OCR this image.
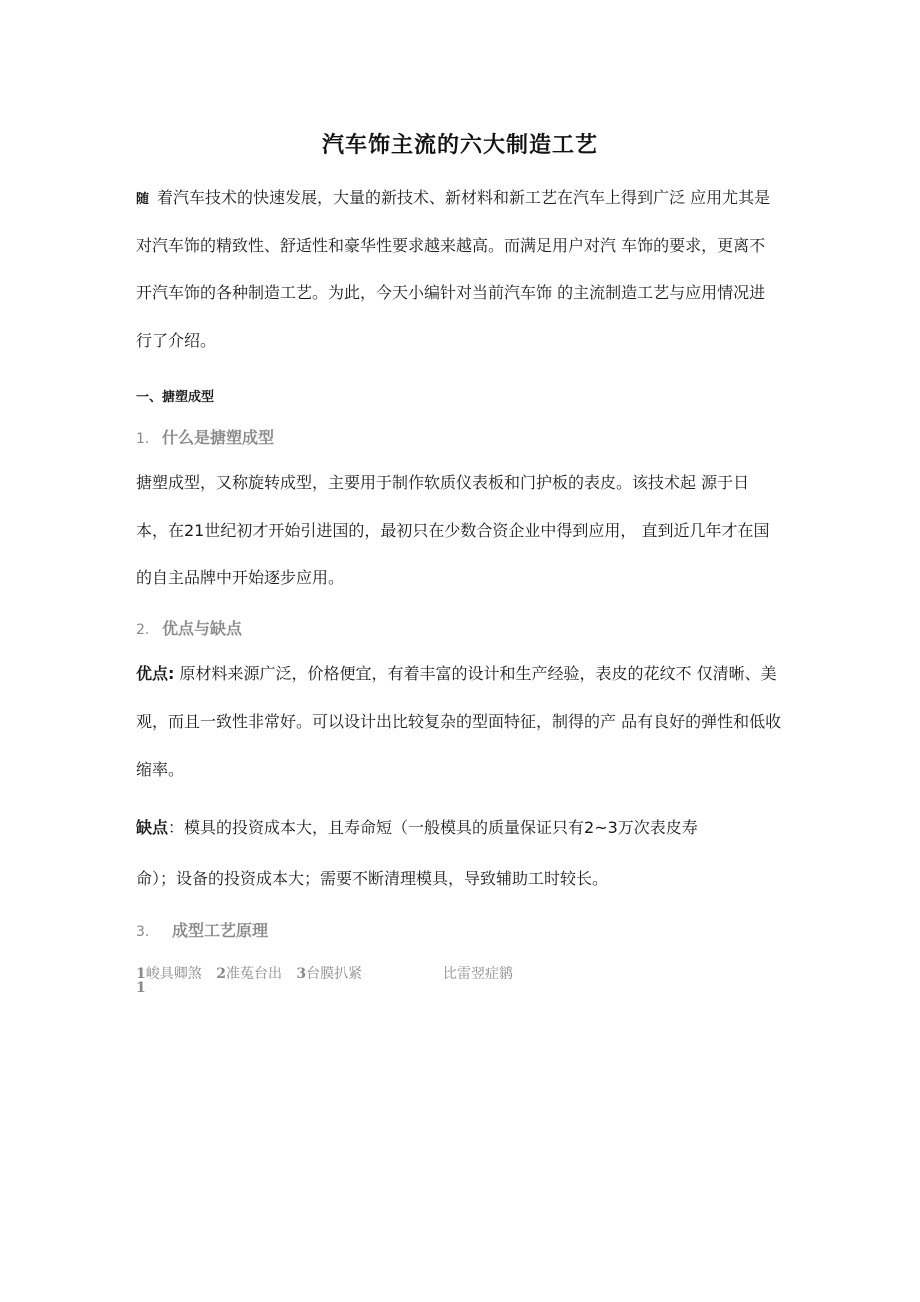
汽车饰主流的六大制造工艺
随 着汽车技术的快速发展，大量的新技术、新材料和新工艺在汽车上得到广泛 应用尤其是
对汽车饰的精致性、舒适性和豪华性要求越来越高。而满足用户对汽 车饰的要求，更离不
开汽车饰的各种制造工艺。为此，今天小编针对当前汽车饰 的主流制造工艺与应用情况进
行了介绍。
一、搪塑成型
1. 什么是搪塑成型
搪塑成型，又称旋转成型，主要用于制作软质仪表板和门护板的表皮。该技术起 源于日
本，在21世纪初才开始引进国的，最初只在少数合资企业中得到应用， 直到近几年才在国
的自主品牌中开始逐步应用。
2. 优点与缺点
优点: 原材料来源广泛，价格便宜，有着丰富的设计和生产经验，表皮的花纹不 仅清晰、美
观，而且一致性非常好。可以设计出比较复杂的型面特征，制得的产 品有良好的弹性和低收
缩率。
缺点：模具的投资成本大，且寿命短（一般模具的质量保证只有2~3万次表皮寿
命）；设备的投资成本大；需要不断清理模具，导致辅助工时较长。
3. 成型工艺原理
1峻具卿煞 2准菟台出 3台膜扒紧	比雷翌症鹟
1
